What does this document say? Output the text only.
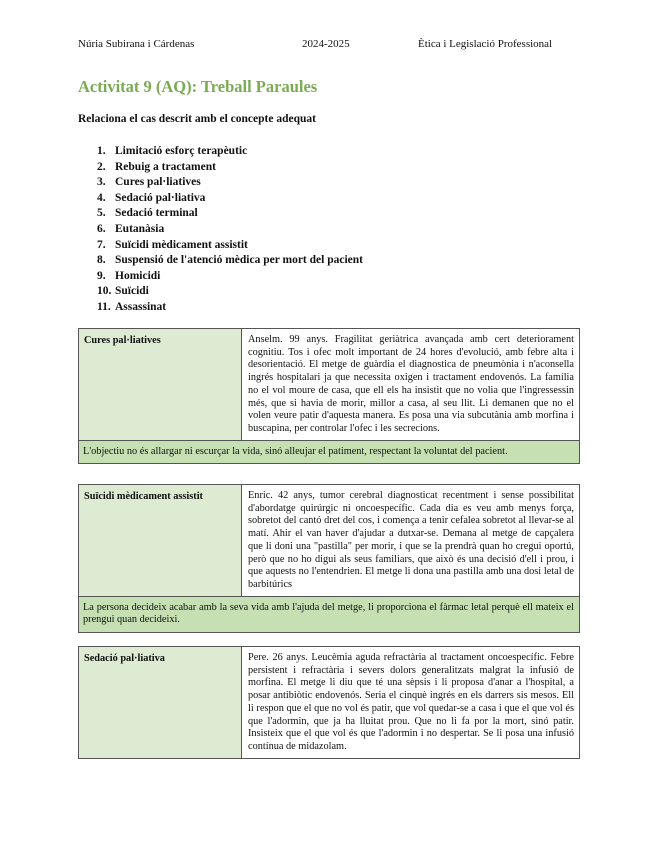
Núria Subirana i Cárdenas	2024-2025	Ètica i Legislació Professional
Activitat 9 (AQ): Treball Paraules
Relaciona el cas descrit amb el concepte adequat
1. Limitació esforç terapèutic
2. Rebuig a tractament
3. Cures pal·liatives
4. Sedació pal·liativa
5. Sedació terminal
6. Eutanàsia
7. Suïcidi mèdicament assistit
8. Suspensió de l'atenció mèdica per mort del pacient
9. Homicidi
10. Suïcidi
11. Assassinat
Cures pal·liatives	Anselm. 99 anys. Fragilitat geriàtrica avançada amb cert deteriorament cognitiu. Tos i ofec molt important de 24 hores d'evolució, amb febre alta i desorientació. El metge de guàrdia el diagnostica de pneumònia i n'aconsella ingrés hospitalari ja que necessita oxigen i tractament endovenós. La família no el vol moure de casa, que ell els ha insistit que no volia que l'ingressessin més, que si havia de morir, millor a casa, al seu llit. Li demanen que no el volen veure patir d'aquesta manera. Es posa una via subcutània amb morfina i buscapina, per controlar l'ofec i les secrecions.
L'objectiu no és allargar ni escurçar la vida, sinó alleujar el patiment, respectant la voluntat del pacient.
Suïcidi mèdicament assistit	Enric. 42 anys, tumor cerebral diagnosticat recentment i sense possibilitat d'abordatge quirúrgic ni oncoespecífic. Cada dia es veu amb menys força, sobretot del cantó dret del cos, i comença a tenir cefalea sobretot al llevar-se al matí. Ahir el van haver d'ajudar a dutxar-se. Demana al metge de capçalera que li doni una "pastilla" per morir, i que se la prendrà quan ho cregui oportú, però que no ho digui als seus familiars, que això és una decisió d'ell i prou, i que aquests no l'entendrien. El metge li dona una pastilla amb una dosi letal de barbitúrics
La persona decideix acabar amb la seva vida amb l'ajuda del metge, li proporciona el fàrmac letal perquè ell mateix el prengui quan decideixi.
Sedació pal·liativa	Pere. 26 anys. Leucèmia aguda refractària al tractament oncoespecífic. Febre persistent i refractària i severs dolors generalitzats malgrat la infusió de morfina. El metge li diu que té una sèpsis i li proposa d'anar a l'hospital, a posar antibiòtic endovenós. Seria el cinquè ingrés en els darrers sis mesos. Ell li respon que el que no vol és patir, que vol quedar-se a casa i que el que vol és que l'adormin, que ja ha lluitat prou. Que no li fa por la mort, sinó patir. Insisteix que el que vol és que l'adormin i no despertar. Se li posa una infusió contínua de midazolam.
